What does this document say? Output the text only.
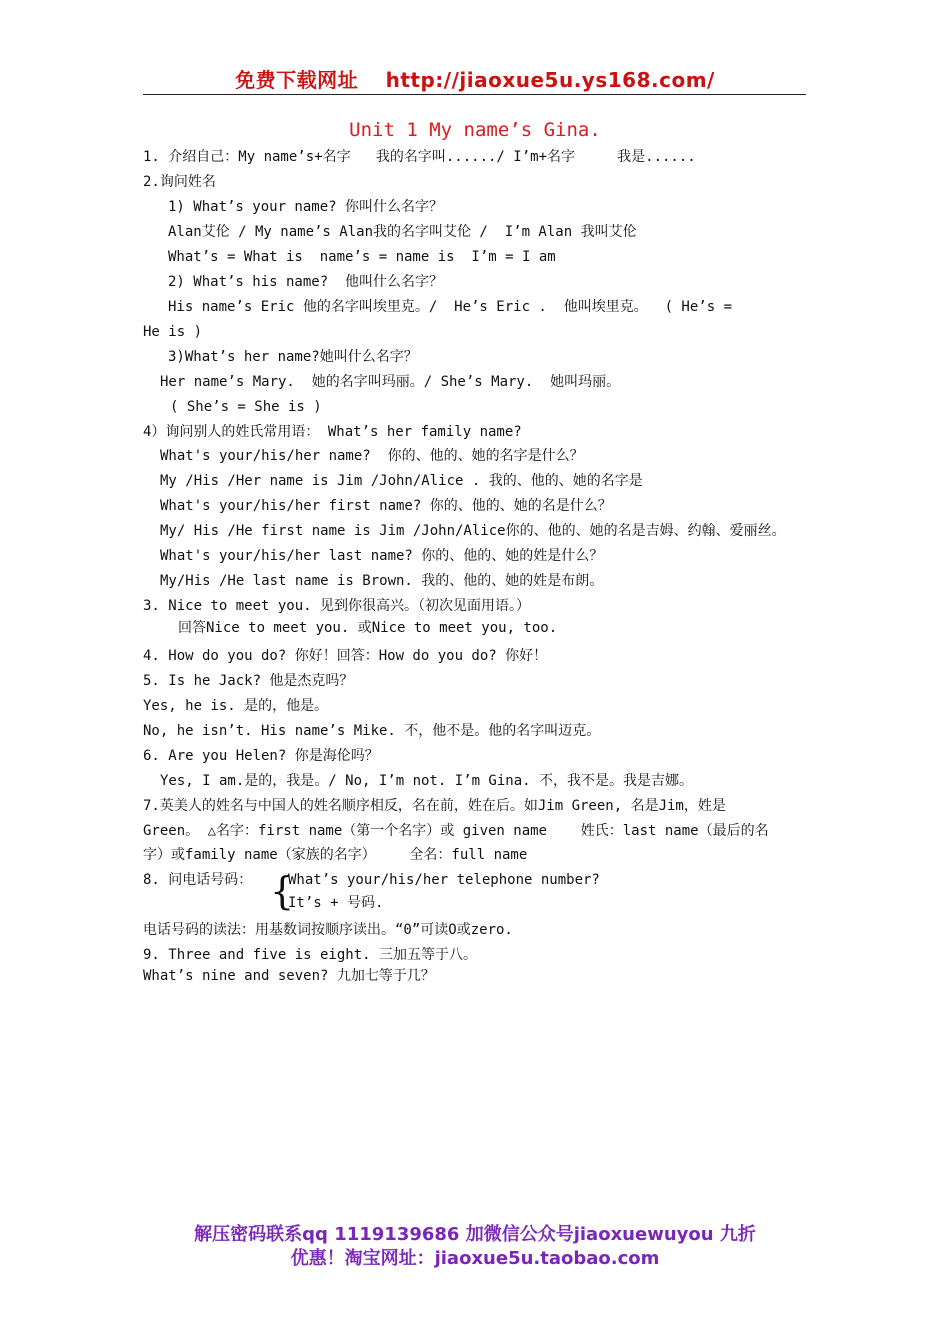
免费下载网址 http://jiaoxue5u.ys168.com/
Unit 1 My name’s Gina.
1. 介绍自己：My name’s+名字   我的名字叫....../ I’m+名字     我是......
2.询问姓名
1) What’s your name? 你叫什么名字？
Alan艾伦 / My name’s Alan我的名字叫艾伦 /  I’m Alan 我叫艾伦
What’s = What is  name’s = name is  I’m = I am
2) What’s his name?  他叫什么名字？
His name’s Eric 他的名字叫埃里克。/  He’s Eric .  他叫埃里克。  ( He’s =
He is )
3)What’s her name?她叫什么名字？
Her name’s Mary.  她的名字叫玛丽。/ She’s Mary.  她叫玛丽。
( She’s = She is )
4）询问别人的姓氏常用语： What’s her family name?
What's your/his/her name?  你的、他的、她的名字是什么？
My /His /Her name is Jim /John/Alice . 我的、他的、她的名字是
What's your/his/her first name? 你的、他的、她的名是什么？
My/ His /He first name is Jim /John/Alice你的、他的、她的名是吉姆、约翰、爱丽丝。
What's your/his/her last name? 你的、他的、她的姓是什么？
My/His /He last name is Brown. 我的、他的、她的姓是布朗。
3. Nice to meet you. 见到你很高兴。（初次见面用语。）
回答Nice to meet you. 或Nice to meet you, too.
4. How do you do? 你好！回答：How do you do? 你好！
5. Is he Jack? 他是杰克吗？
Yes, he is. 是的，他是。
No, he isn’t. His name’s Mike. 不，他不是。他的名字叫迈克。
6. Are you Helen? 你是海伦吗？
Yes, I am.是的，我是。/ No, I’m not. I’m Gina. 不，我不是。我是吉娜。
7.英美人的姓名与中国人的姓名顺序相反，名在前，姓在后。如Jim Green, 名是Jim，姓是
Green。 △名字：first name（第一个名字）或 given name    姓氏：last name（最后的名
字）或family name（家族的名字）    全名：full name
8. 问电话号码： {
What’s your/his/her telephone number?
It’s + 号码.
电话号码的读法：用基数词按顺序读出。“0”可读O或zero.
9. Three and five is eight. 三加五等于八。
What’s nine and seven? 九加七等于几？
解压密码联系qq 1119139686 加微信公众号jiaoxuewuyou 九折
优惠！淘宝网址：jiaoxue5u.taobao.com
